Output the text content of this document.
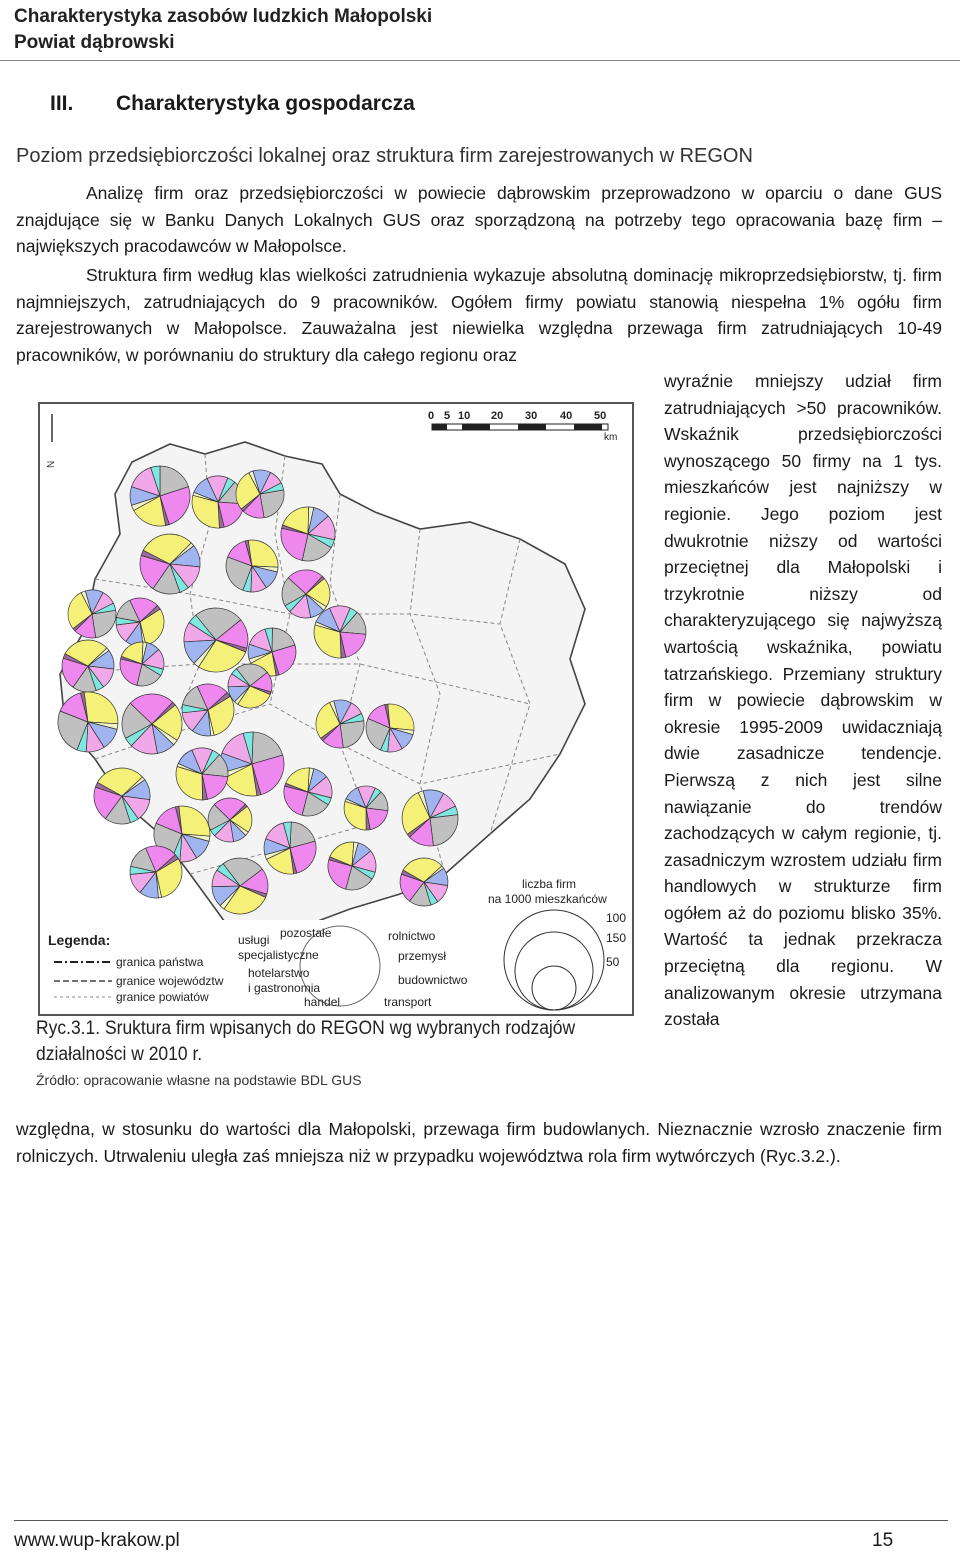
Charakterystyka zasobów ludzkich Małopolski
Powiat dąbrowski
III. Charakterystyka gospodarcza
Poziom przedsiębiorczości lokalnej oraz struktura firm zarejestrowanych w REGON
Analizę firm oraz przedsiębiorczości w powiecie dąbrowskim przeprowadzono w oparciu o dane GUS znajdujące się w Banku Danych Lokalnych GUS oraz sporządzoną na potrzeby tego opracowania bazę firm – największych pracodawców w Małopolsce.
Struktura firm według klas wielkości zatrudnienia wykazuje absolutną dominację mikroprzedsiębiorstw, tj. firm najmniejszych, zatrudniających do 9 pracowników. Ogółem firmy powiatu stanowią niespełna 1% ogółu firm zarejestrowanych w Małopolsce. Zauważalna jest niewielka względna przewaga firm zatrudniających 10-49 pracowników, w porównaniu do struktury dla całego regionu oraz
wyraźnie mniejszy udział firm zatrudniających >50 pracowników. Wskaźnik przedsiębiorczości wynoszącego 50 firmy na 1 tys. mieszkańców jest najniższy w regionie. Jego poziom jest dwukrotnie niższy od wartości przeciętnej dla Małopolski i trzykrotnie niższy od charakteryzującego się najwyższą wartością wskaźnika, powiatu tatrzańskiego. Przemiany struktury firm w powiecie dąbrowskim w okresie 1995-2009 uwidaczniają dwie zasadnicze tendencje. Pierwszą z nich jest silne nawiązanie do trendów zachodzących w całym regionie, tj. zasadniczym wzrostem udziału firm handlowych w strukturze firm ogółem aż do poziomu blisko 35%. Wartość ta jednak przekracza przeciętną dla regionu. W analizowanym okresie utrzymana została
N
0 5 10 20 30 40 50
km
liczba firm
na 1000 mieszkańców
100
150
50
Legenda:
granica państwa
granice województw
granice powiatów
usługi pozostałe
specjalistyczne
hotelarstwo
i gastronomia
handel
rolnictwo
przemysł
budownictwo
transport
Ryc.3.1. Sruktura firm wpisanych do REGON wg wybranych rodzajów działalności w 2010 r.
Źródło: opracowanie własne na podstawie BDL GUS
względna, w stosunku do wartości dla Małopolski, przewaga firm budowlanych. Nieznacznie wzrosło znaczenie firm rolniczych. Utrwaleniu uległa zaś mniejsza niż w przypadku województwa rola firm wytwórczych (Ryc.3.2.).
www.wup-krakow.pl	15
